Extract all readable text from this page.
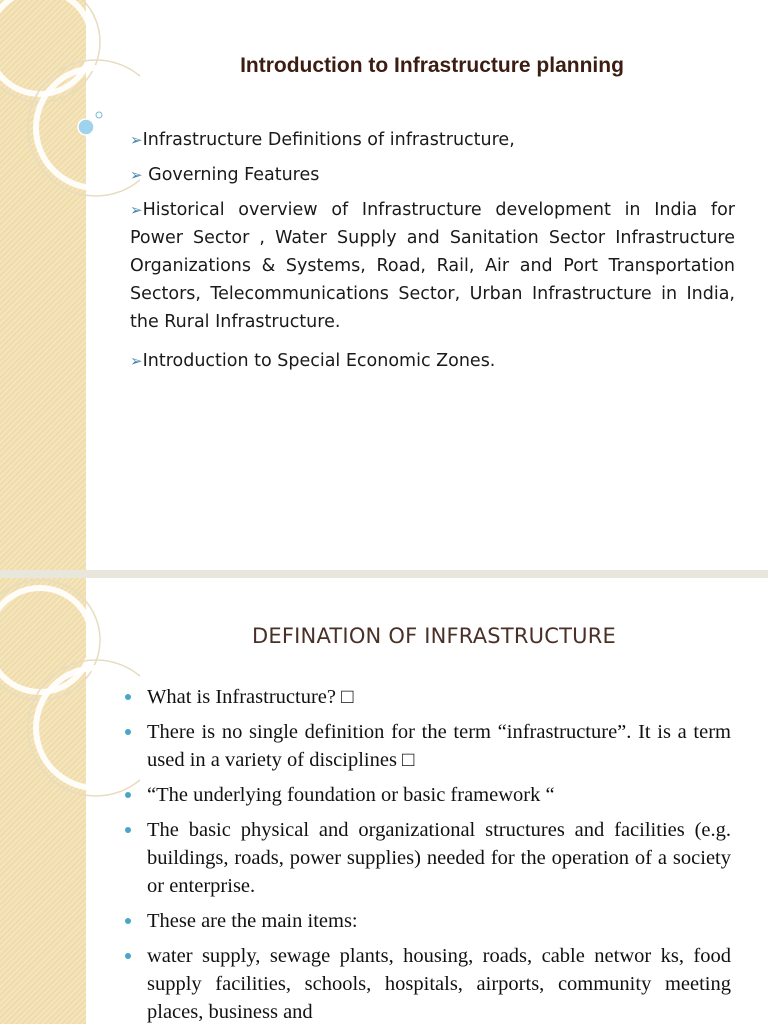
Introduction to Infrastructure planning
➢Infrastructure Definitions of infrastructure,
➢ Governing Features
➢Historical overview of Infrastructure development in India for Power Sector , Water Supply and Sanitation Sector Infrastructure Organizations & Systems, Road, Rail, Air and Port Transportation Sectors, Telecommunications Sector, Urban Infrastructure in India, the Rural Infrastructure.
➢Introduction to Special Economic Zones.
DEFINATION OF INFRASTRUCTURE
What is Infrastructure? □
There is no single definition for the term “infrastructure”. It is a term used in a variety of disciplines □
“The underlying foundation or basic framework “
The basic physical and organizational structures and facilities (e.g. buildings, roads, power supplies) needed for the operation of a society or enterprise.
These are the main items:
water supply, sewage plants, housing, roads, cable networ ks, food supply facilities, schools, hospitals, airports, community meeting places, business and
